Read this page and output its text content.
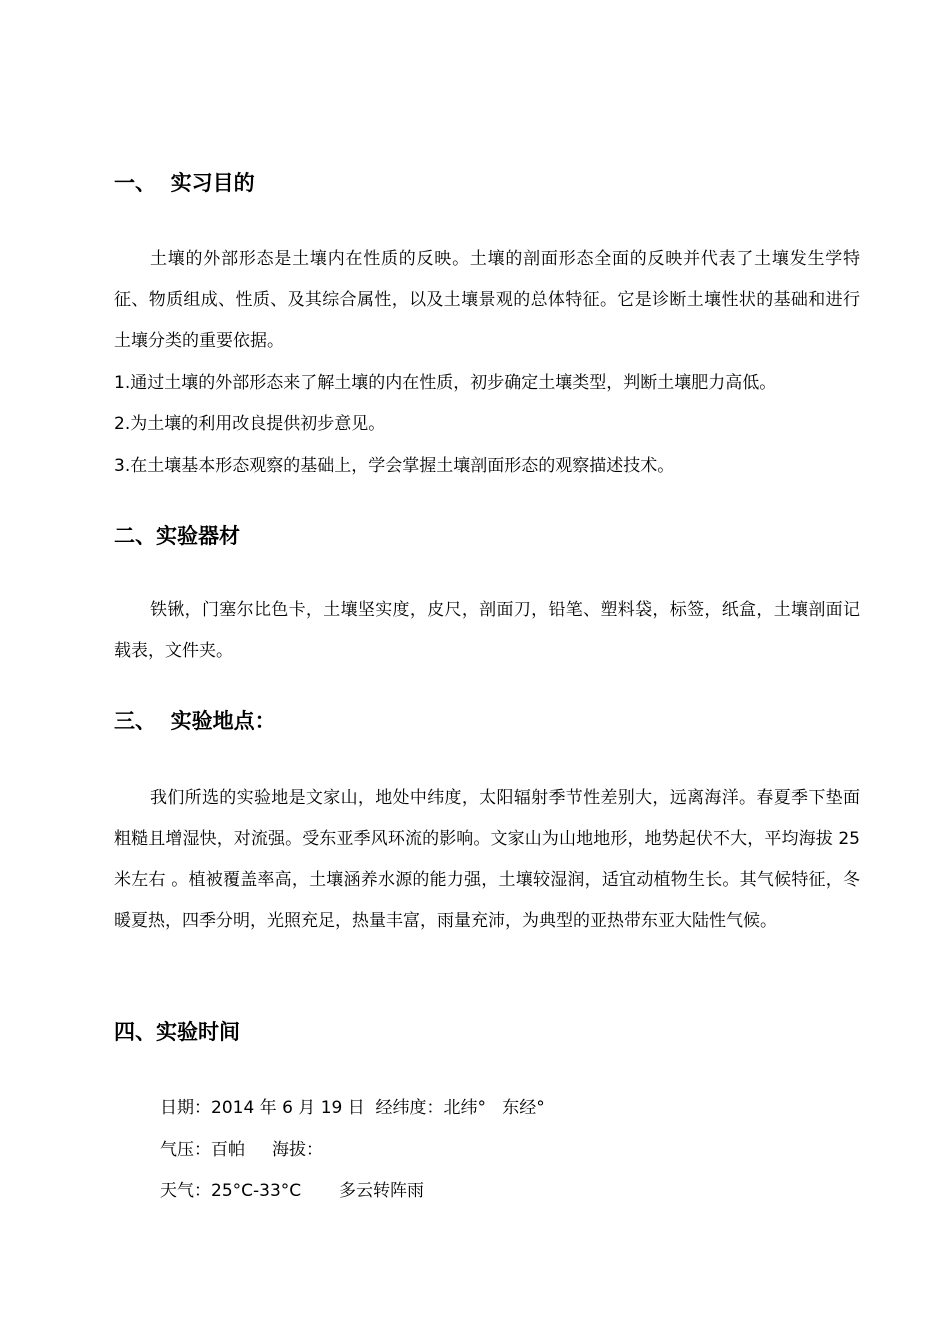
一、  实习目的
土壤的外部形态是土壤内在性质的反映。土壤的剖面形态全面的反映并代表了土壤发生学特征、物质组成、性质、及其综合属性，以及土壤景观的总体特征。它是诊断土壤性状的基础和进行土壤分类的重要依据。
1.通过土壤的外部形态来了解土壤的内在性质，初步确定土壤类型，判断土壤肥力高低。
2.为土壤的利用改良提供初步意见。
3.在土壤基本形态观察的基础上，学会掌握土壤剖面形态的观察描述技术。
二、实验器材
铁锹，门塞尔比色卡，土壤坚实度，皮尺，剖面刀，铅笔、塑料袋，标签，纸盒，土壤剖面记载表，文件夹。
三、  实验地点：
我们所选的实验地是文家山，地处中纬度，太阳辐射季节性差别大，远离海洋。春夏季下垫面粗糙且增湿快，对流强。受东亚季风环流的影响。文家山为山地地形，地势起伏不大，平均海拔 25 米左右 。植被覆盖率高，土壤涵养水源的能力强，土壤较湿润，适宜动植物生长。其气候特征，冬暖夏热，四季分明，光照充足，热量丰富，雨量充沛，为典型的亚热带东亚大陆性气候。
四、实验时间
日期：2014 年 6 月 19 日  经纬度：北纬°   东经°
气压：百帕     海拔：
天气：25°C-33°C       多云转阵雨
